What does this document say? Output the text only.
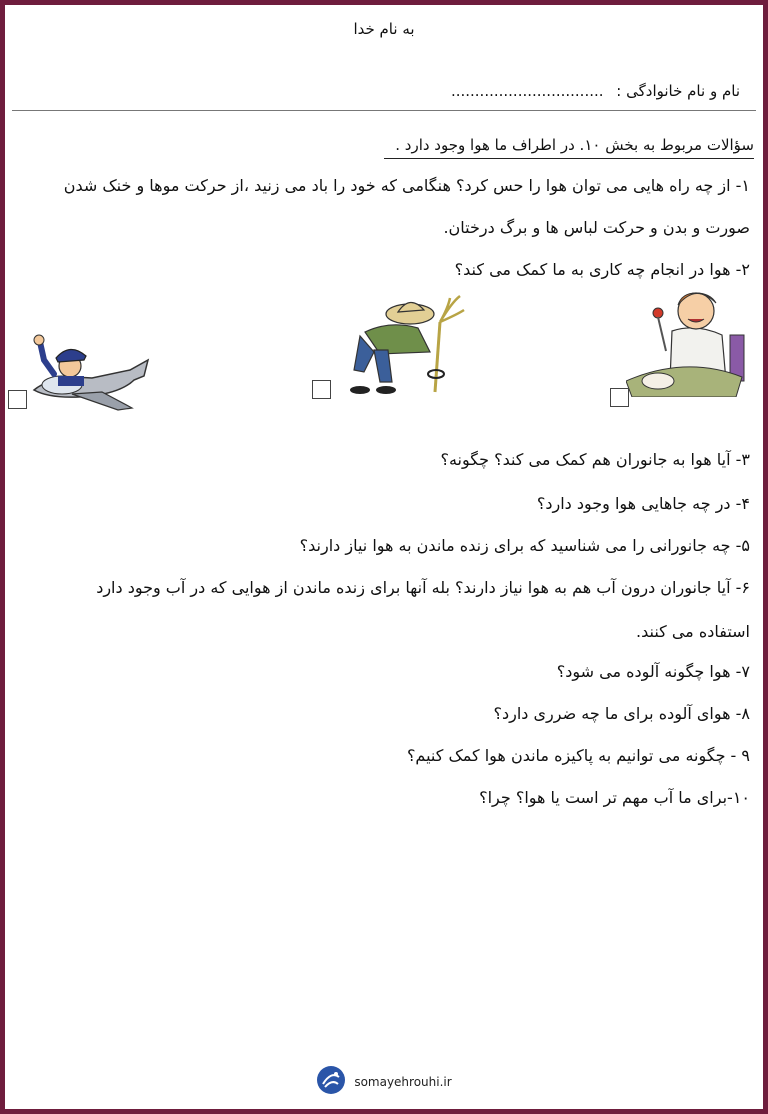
به نام خدا
نام و نام خانوادگی : ................................
سؤالات مربوط به بخش ۱۰. در اطراف ما هوا وجود دارد .
۱- از چه راه هایی می توان هوا را حس کرد؟ هنگامی که خود را باد می زنید ،از حرکت موها و خنک شدن
صورت و بدن و حرکت لباس ها و برگ درختان.
۲- هوا در انجام چه کاری به ما کمک می کند؟
۳- آیا هوا به جانوران هم کمک می کند؟ چگونه؟
۴- در چه جاهایی هوا وجود دارد؟
۵- چه جانورانی را می شناسید که برای زنده ماندن به هوا نیاز دارند؟
۶- آیا جانوران درون آب هم به هوا نیاز دارند؟ بله آنها برای زنده ماندن از هوایی که در آب وجود دارد
استفاده می کنند.
۷- هوا چگونه آلوده می شود؟
۸- هوای آلوده برای ما چه ضرری دارد؟
۹ - چگونه می توانیم به پاکیزه ماندن هوا کمک کنیم؟
۱۰-برای ما آب مهم تر است یا هوا؟ چرا؟
somayehrouhi.ir
